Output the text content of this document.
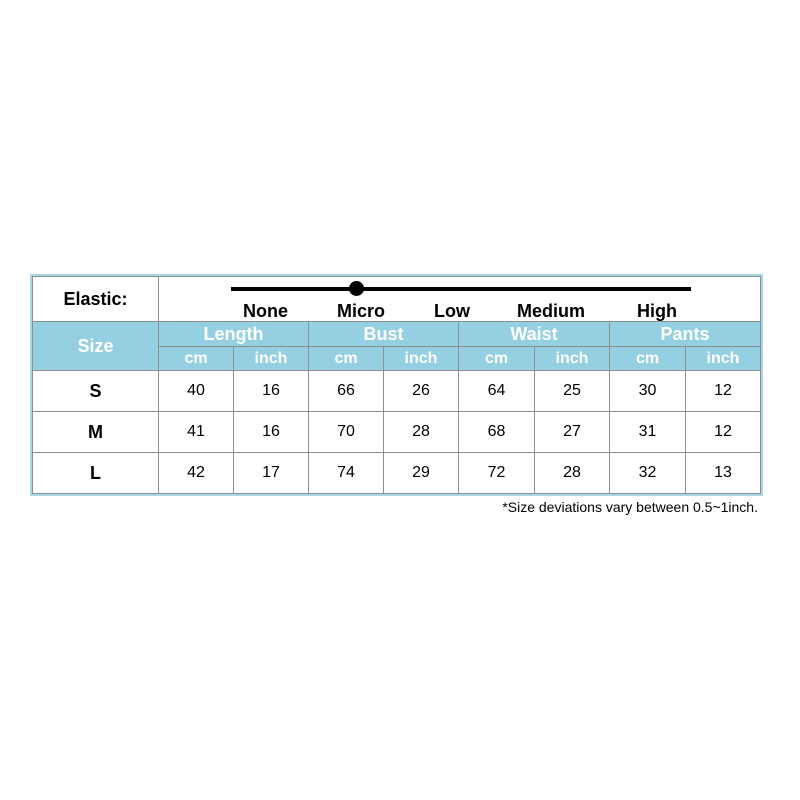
Elastic:	None Micro Low Medium High							

Size	Length		Bust		Waist		Pants	
	cm	inch	cm	inch	cm	inch	cm	inch
S	40	16	66	26	64	25	30	12
M	41	16	70	28	68	27	31	12
L	42	17	74	29	72	28	32	13
*Size deviations vary between 0.5~1inch.
